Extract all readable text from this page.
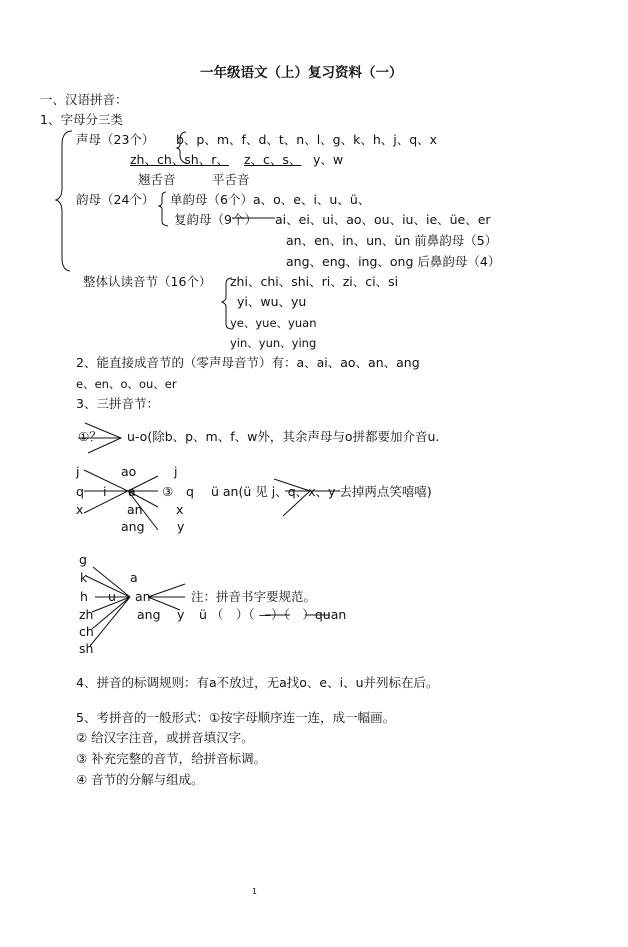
一年级语文（上）复习资料（一）
一、汉语拼音：
1、字母分三类
声母（23个） b、p、m、f、d、t、n、l、g、k、h、j、q、x
zh、ch、sh、r、 z、c、s、 y、w
翘舌音	平舌音
韵母（24个） 单韵母（6个）a、o、e、i、u、ü、
复韵母（9个） ai、ei、ui、ao、ou、iu、ie、üe、er
an、en、in、un、ün 前鼻韵母（5）
ang、eng、ing、ong 后鼻韵母（4）
整体认读音节（16个） zhi、chi、shi、ri、zi、ci、si
yi、wu、yu
ye、yue、yuan
yin、yun、ying
2、能直接成音节的（零声母音节）有：a、ai、ao、an、ang
e、en、o、ou、er
3、三拼音节：
①？ u-o(除b、p、m、f、w外，其余声母与o拼都要加介音u.
j
q
x
i a
ao
an
ang
③
j
q
x
y
ü an(ü 见 j、q、x、y 去掉两点笑嘻嘻)
g
k
h
zh
ch
sh
u
a
an
ang y
注：拼音书字要规范。
ü （　）（ —）（　）quan
4、拼音的标调规则：有a不放过，无a找o、e、i、u并列标在后。
5、考拼音的一般形式：①按字母顺序连一连，成一幅画。
② 给汉字注音，或拼音填汉字。
③ 补充完整的音节，给拼音标调。
④ 音节的分解与组成。
1
